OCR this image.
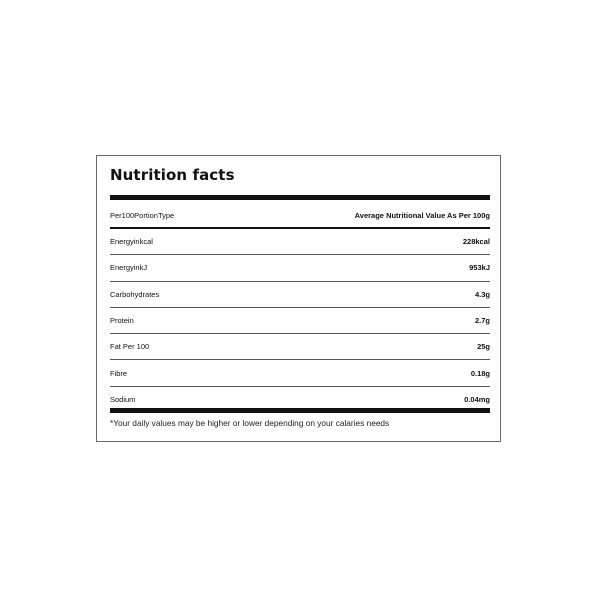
Nutrition facts
Per100PortionType	Average Nutritional Value As Per 100g
Energyinkcal	228kcal
EnergyinkJ	953kJ
Carbohydrates	4.3g
Protein	2.7g
Fat Per 100	25g
Fibre	0.18g
Sodium	0.04mg
*Your daily values may be higher or lower depending on your calaries needs
